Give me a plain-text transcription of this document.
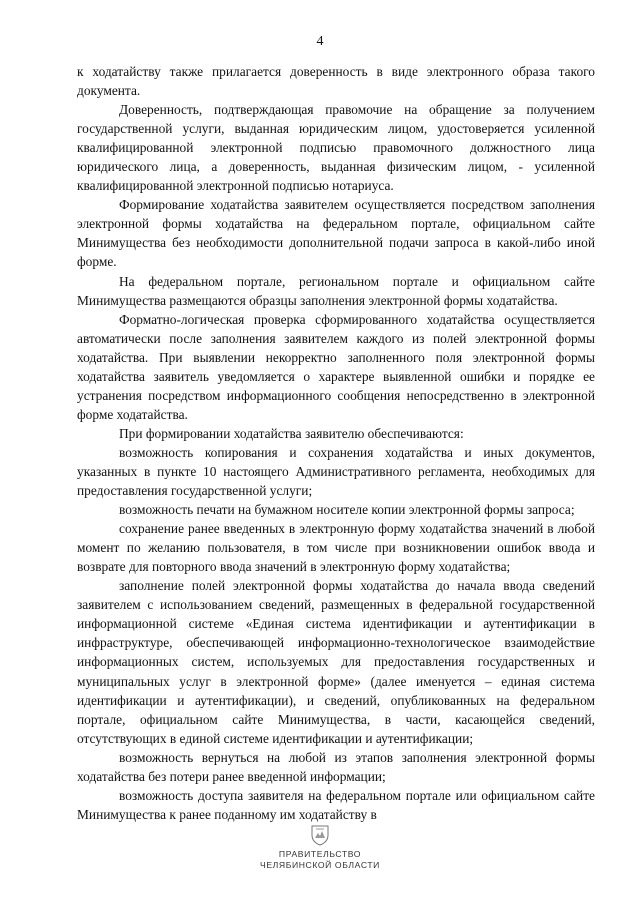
4

к ходатайству также прилагается доверенность в виде электронного образа такого документа.

Доверенность, подтверждающая правомочие на обращение за получением государственной услуги, выданная юридическим лицом, удостоверяется усиленной квалифицированной электронной подписью правомочного должностного лица юридического лица, а доверенность, выданная физическим лицом, - усиленной квалифицированной электронной подписью нотариуса.

Формирование ходатайства заявителем осуществляется посредством заполнения электронной формы ходатайства на федеральном портале, официальном сайте Минимущества без необходимости дополнительной подачи запроса в какой-либо иной форме.

На федеральном портале, региональном портале и официальном сайте Минимущества размещаются образцы заполнения электронной формы ходатайства.

Форматно-логическая проверка сформированного ходатайства осуществляется автоматически после заполнения заявителем каждого из полей электронной формы ходатайства. При выявлении некорректно заполненного поля электронной формы ходатайства заявитель уведомляется о характере выявленной ошибки и порядке ее устранения посредством информационного сообщения непосредственно в электронной форме ходатайства.

При формировании ходатайства заявителю обеспечиваются:

возможность копирования и сохранения ходатайства и иных документов, указанных в пункте 10 настоящего Административного регламента, необходимых для предоставления государственной услуги;

возможность печати на бумажном носителе копии электронной формы запроса;

сохранение ранее введенных в электронную форму ходатайства значений в любой момент по желанию пользователя, в том числе при возникновении ошибок ввода и возврате для повторного ввода значений в электронную форму ходатайства;

заполнение полей электронной формы ходатайства до начала ввода сведений заявителем с использованием сведений, размещенных в федеральной государственной информационной системе «Единая система идентификации и аутентификации в инфраструктуре, обеспечивающей информационно-технологическое взаимодействие информационных систем, используемых для предоставления государственных и муниципальных услуг в электронной форме» (далее именуется – единая система идентификации и аутентификации), и сведений, опубликованных на федеральном портале, официальном сайте Минимущества, в части, касающейся сведений, отсутствующих в единой системе идентификации и аутентификации;

возможность вернуться на любой из этапов заполнения электронной формы ходатайства без потери ранее введенной информации;

возможность доступа заявителя на федеральном портале или официальном сайте Минимущества к ранее поданному им ходатайству в

ПРАВИТЕЛЬСТВО
ЧЕЛЯБИНСКОЙ ОБЛАСТИ
